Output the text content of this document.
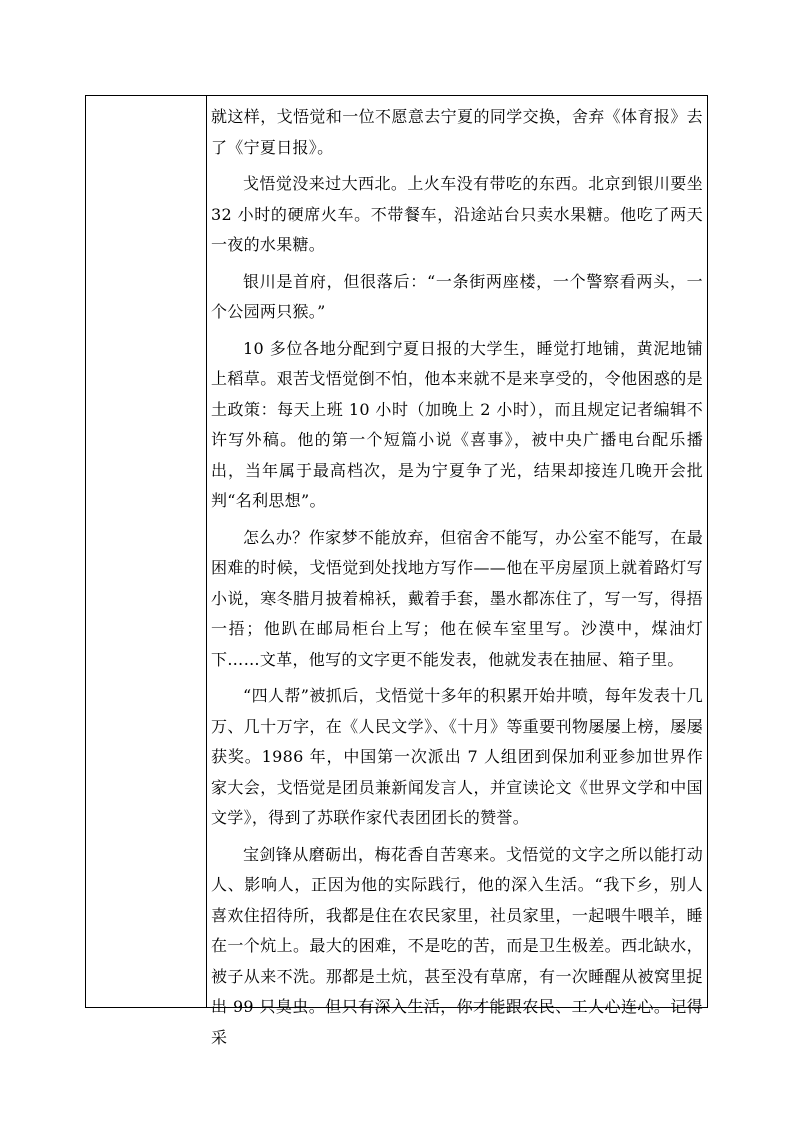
就这样，戈悟觉和一位不愿意去宁夏的同学交换，舍弃《体育报》去了《宁夏日报》。

戈悟觉没来过大西北。上火车没有带吃的东西。北京到银川要坐 32 小时的硬席火车。不带餐车，沿途站台只卖水果糖。他吃了两天一夜的水果糖。

银川是首府，但很落后：“一条街两座楼，一个警察看两头，一个公园两只猴。”

10 多位各地分配到宁夏日报的大学生，睡觉打地铺，黄泥地铺上稻草。艰苦戈悟觉倒不怕，他本来就不是来享受的，令他困惑的是土政策：每天上班 10 小时（加晚上 2 小时），而且规定记者编辑不许写外稿。他的第一个短篇小说《喜事》，被中央广播电台配乐播出，当年属于最高档次，是为宁夏争了光，结果却接连几晚开会批判“名利思想”。

怎么办？作家梦不能放弃，但宿舍不能写，办公室不能写，在最困难的时候，戈悟觉到处找地方写作——他在平房屋顶上就着路灯写小说，寒冬腊月披着棉袄，戴着手套，墨水都冻住了，写一写，得捂一捂；他趴在邮局柜台上写；他在候车室里写。沙漠中，煤油灯下……文革，他写的文字更不能发表，他就发表在抽屉、箱子里。

“四人帮”被抓后，戈悟觉十多年的积累开始井喷，每年发表十几万、几十万字，在《人民文学》、《十月》等重要刊物屡屡上榜，屡屡获奖。1986 年，中国第一次派出 7 人组团到保加利亚参加世界作家大会，戈悟觉是团员兼新闻发言人，并宣读论文《世界文学和中国文学》，得到了苏联作家代表团团长的赞誉。

宝剑锋从磨砺出，梅花香自苦寒来。戈悟觉的文字之所以能打动人、影响人，正因为他的实际践行，他的深入生活。“我下乡，别人喜欢住招待所，我都是住在农民家里，社员家里，一起喂牛喂羊，睡在一个炕上。最大的困难，不是吃的苦，而是卫生极差。西北缺水，被子从来不洗。那都是土炕，甚至没有草席，有一次睡醒从被窝里捉出 99 只臭虫。但只有深入生活，你才能跟农民、工人心连心。记得采
